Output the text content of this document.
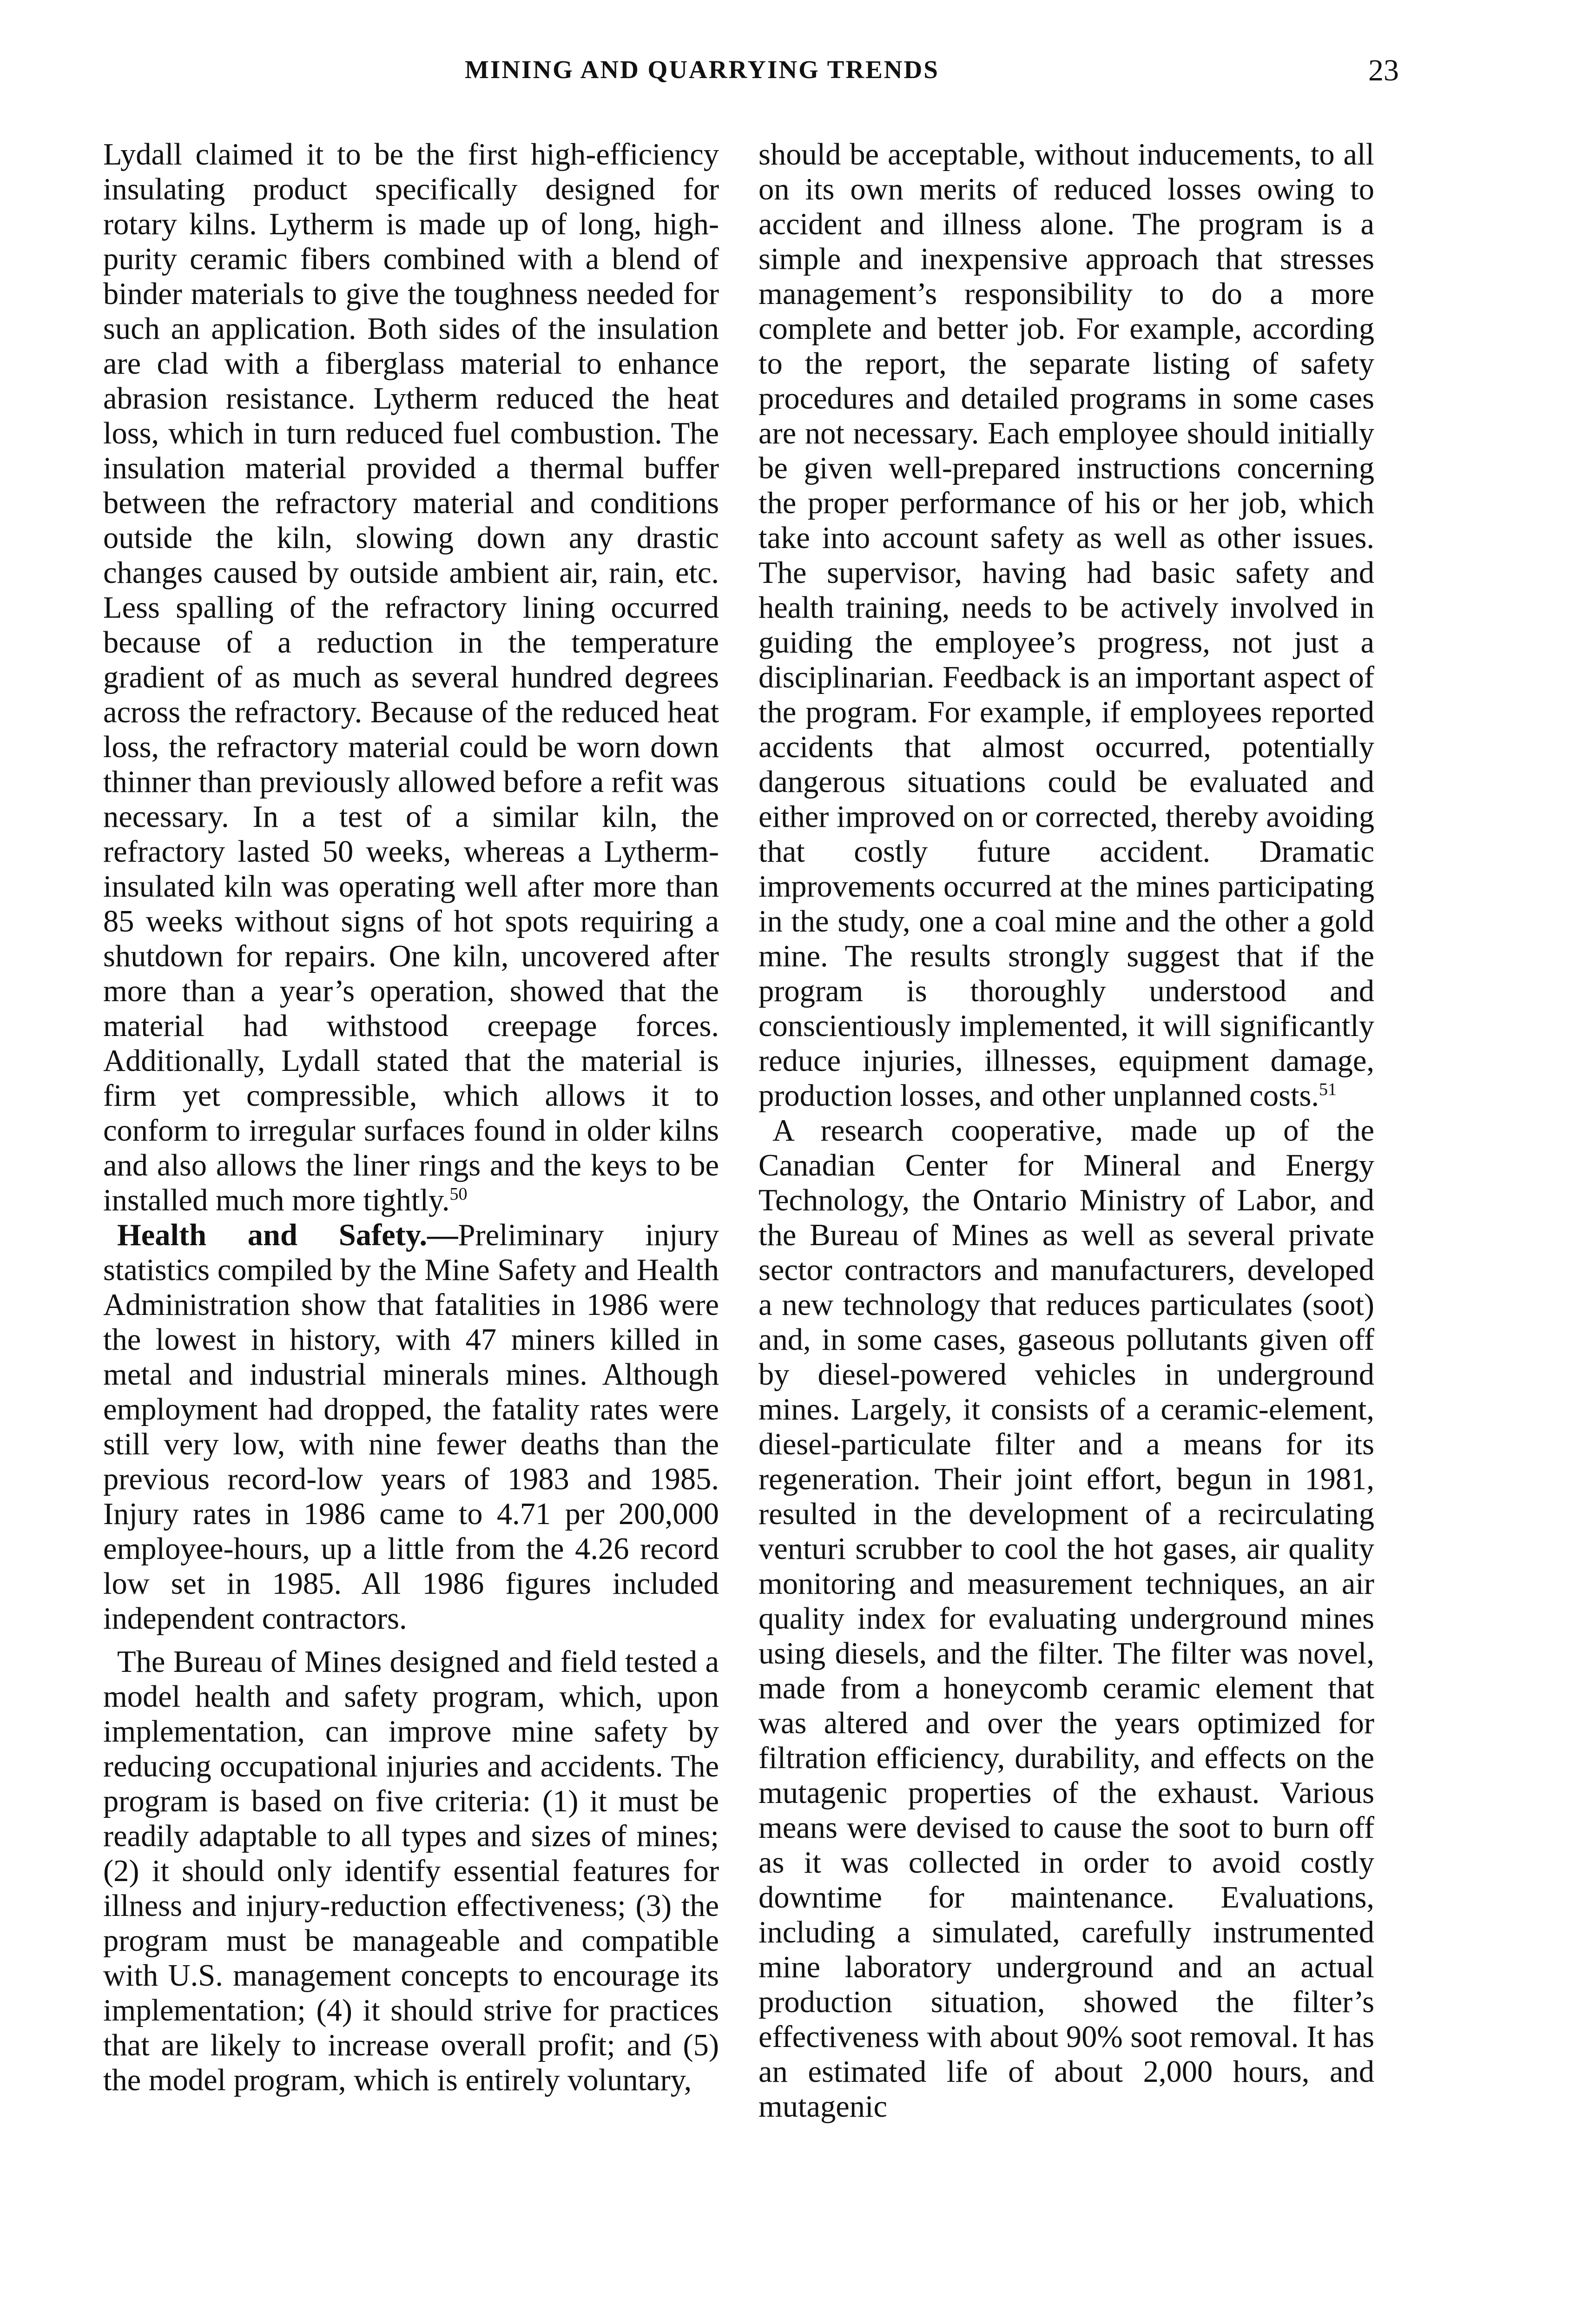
MINING AND QUARRYING TRENDS	23

Lydall claimed it to be the first high-efficiency insulating product specifically designed for rotary kilns. Lytherm is made up of long, high-purity ceramic fibers combined with a blend of binder materials to give the toughness needed for such an application. Both sides of the insulation are clad with a fiberglass material to enhance abrasion resistance. Lytherm reduced the heat loss, which in turn reduced fuel combustion. The insulation material provided a thermal buffer between the refractory material and conditions outside the kiln, slowing down any drastic changes caused by outside ambient air, rain, etc. Less spalling of the refractory lining occurred because of a reduction in the temperature gradient of as much as several hundred degrees across the refractory. Because of the reduced heat loss, the refractory material could be worn down thinner than previously allowed before a refit was necessary. In a test of a similar kiln, the refractory lasted 50 weeks, whereas a Lytherm-insulated kiln was operating well after more than 85 weeks without signs of hot spots requiring a shutdown for repairs. One kiln, uncovered after more than a year’s operation, showed that the material had withstood creepage forces. Additionally, Lydall stated that the material is firm yet compressible, which allows it to conform to irregular surfaces found in older kilns and also allows the liner rings and the keys to be installed much more tightly.$^{50}$

Health and Safety.—Preliminary injury statistics compiled by the Mine Safety and Health Administration show that fatalities in 1986 were the lowest in history, with 47 miners killed in metal and industrial minerals mines. Although employment had dropped, the fatality rates were still very low, with nine fewer deaths than the previous record-low years of 1983 and 1985. Injury rates in 1986 came to 4.71 per 200,000 employee-hours, up a little from the 4.26 record low set in 1985. All 1986 figures included independent contractors.

The Bureau of Mines designed and field tested a model health and safety program, which, upon implementation, can improve mine safety by reducing occupational injuries and accidents. The program is based on five criteria: (1) it must be readily adaptable to all types and sizes of mines; (2) it should only identify essential features for illness and injury-reduction effectiveness; (3) the program must be manageable and compatible with U.S. management concepts to encourage its implementation; (4) it should strive for practices that are likely to increase overall profit; and (5) the model program, which is entirely voluntary,

should be acceptable, without inducements, to all on its own merits of reduced losses owing to accident and illness alone. The program is a simple and inexpensive approach that stresses management’s responsibility to do a more complete and better job. For example, according to the report, the separate listing of safety procedures and detailed programs in some cases are not necessary. Each employee should initially be given well-prepared instructions concerning the proper performance of his or her job, which take into account safety as well as other issues. The supervisor, having had basic safety and health training, needs to be actively involved in guiding the employee’s progress, not just a disciplinarian. Feedback is an important aspect of the program. For example, if employees reported accidents that almost occurred, potentially dangerous situations could be evaluated and either improved on or corrected, thereby avoiding that costly future accident. Dramatic improvements occurred at the mines participating in the study, one a coal mine and the other a gold mine. The results strongly suggest that if the program is thoroughly understood and conscientiously implemented, it will significantly reduce injuries, illnesses, equipment damage, production losses, and other unplanned costs.$^{51}$

A research cooperative, made up of the Canadian Center for Mineral and Energy Technology, the Ontario Ministry of Labor, and the Bureau of Mines as well as several private sector contractors and manufacturers, developed a new technology that reduces particulates (soot) and, in some cases, gaseous pollutants given off by diesel-powered vehicles in underground mines. Largely, it consists of a ceramic-element, diesel-particulate filter and a means for its regeneration. Their joint effort, begun in 1981, resulted in the development of a recirculating venturi scrubber to cool the hot gases, air quality monitoring and measurement techniques, an air quality index for evaluating underground mines using diesels, and the filter. The filter was novel, made from a honeycomb ceramic element that was altered and over the years optimized for filtration efficiency, durability, and effects on the mutagenic properties of the exhaust. Various means were devised to cause the soot to burn off as it was collected in order to avoid costly downtime for maintenance. Evaluations, including a simulated, carefully instrumented mine laboratory underground and an actual production situation, showed the filter’s effectiveness with about 90% soot removal. It has an estimated life of about 2,000 hours, and mutagenic
